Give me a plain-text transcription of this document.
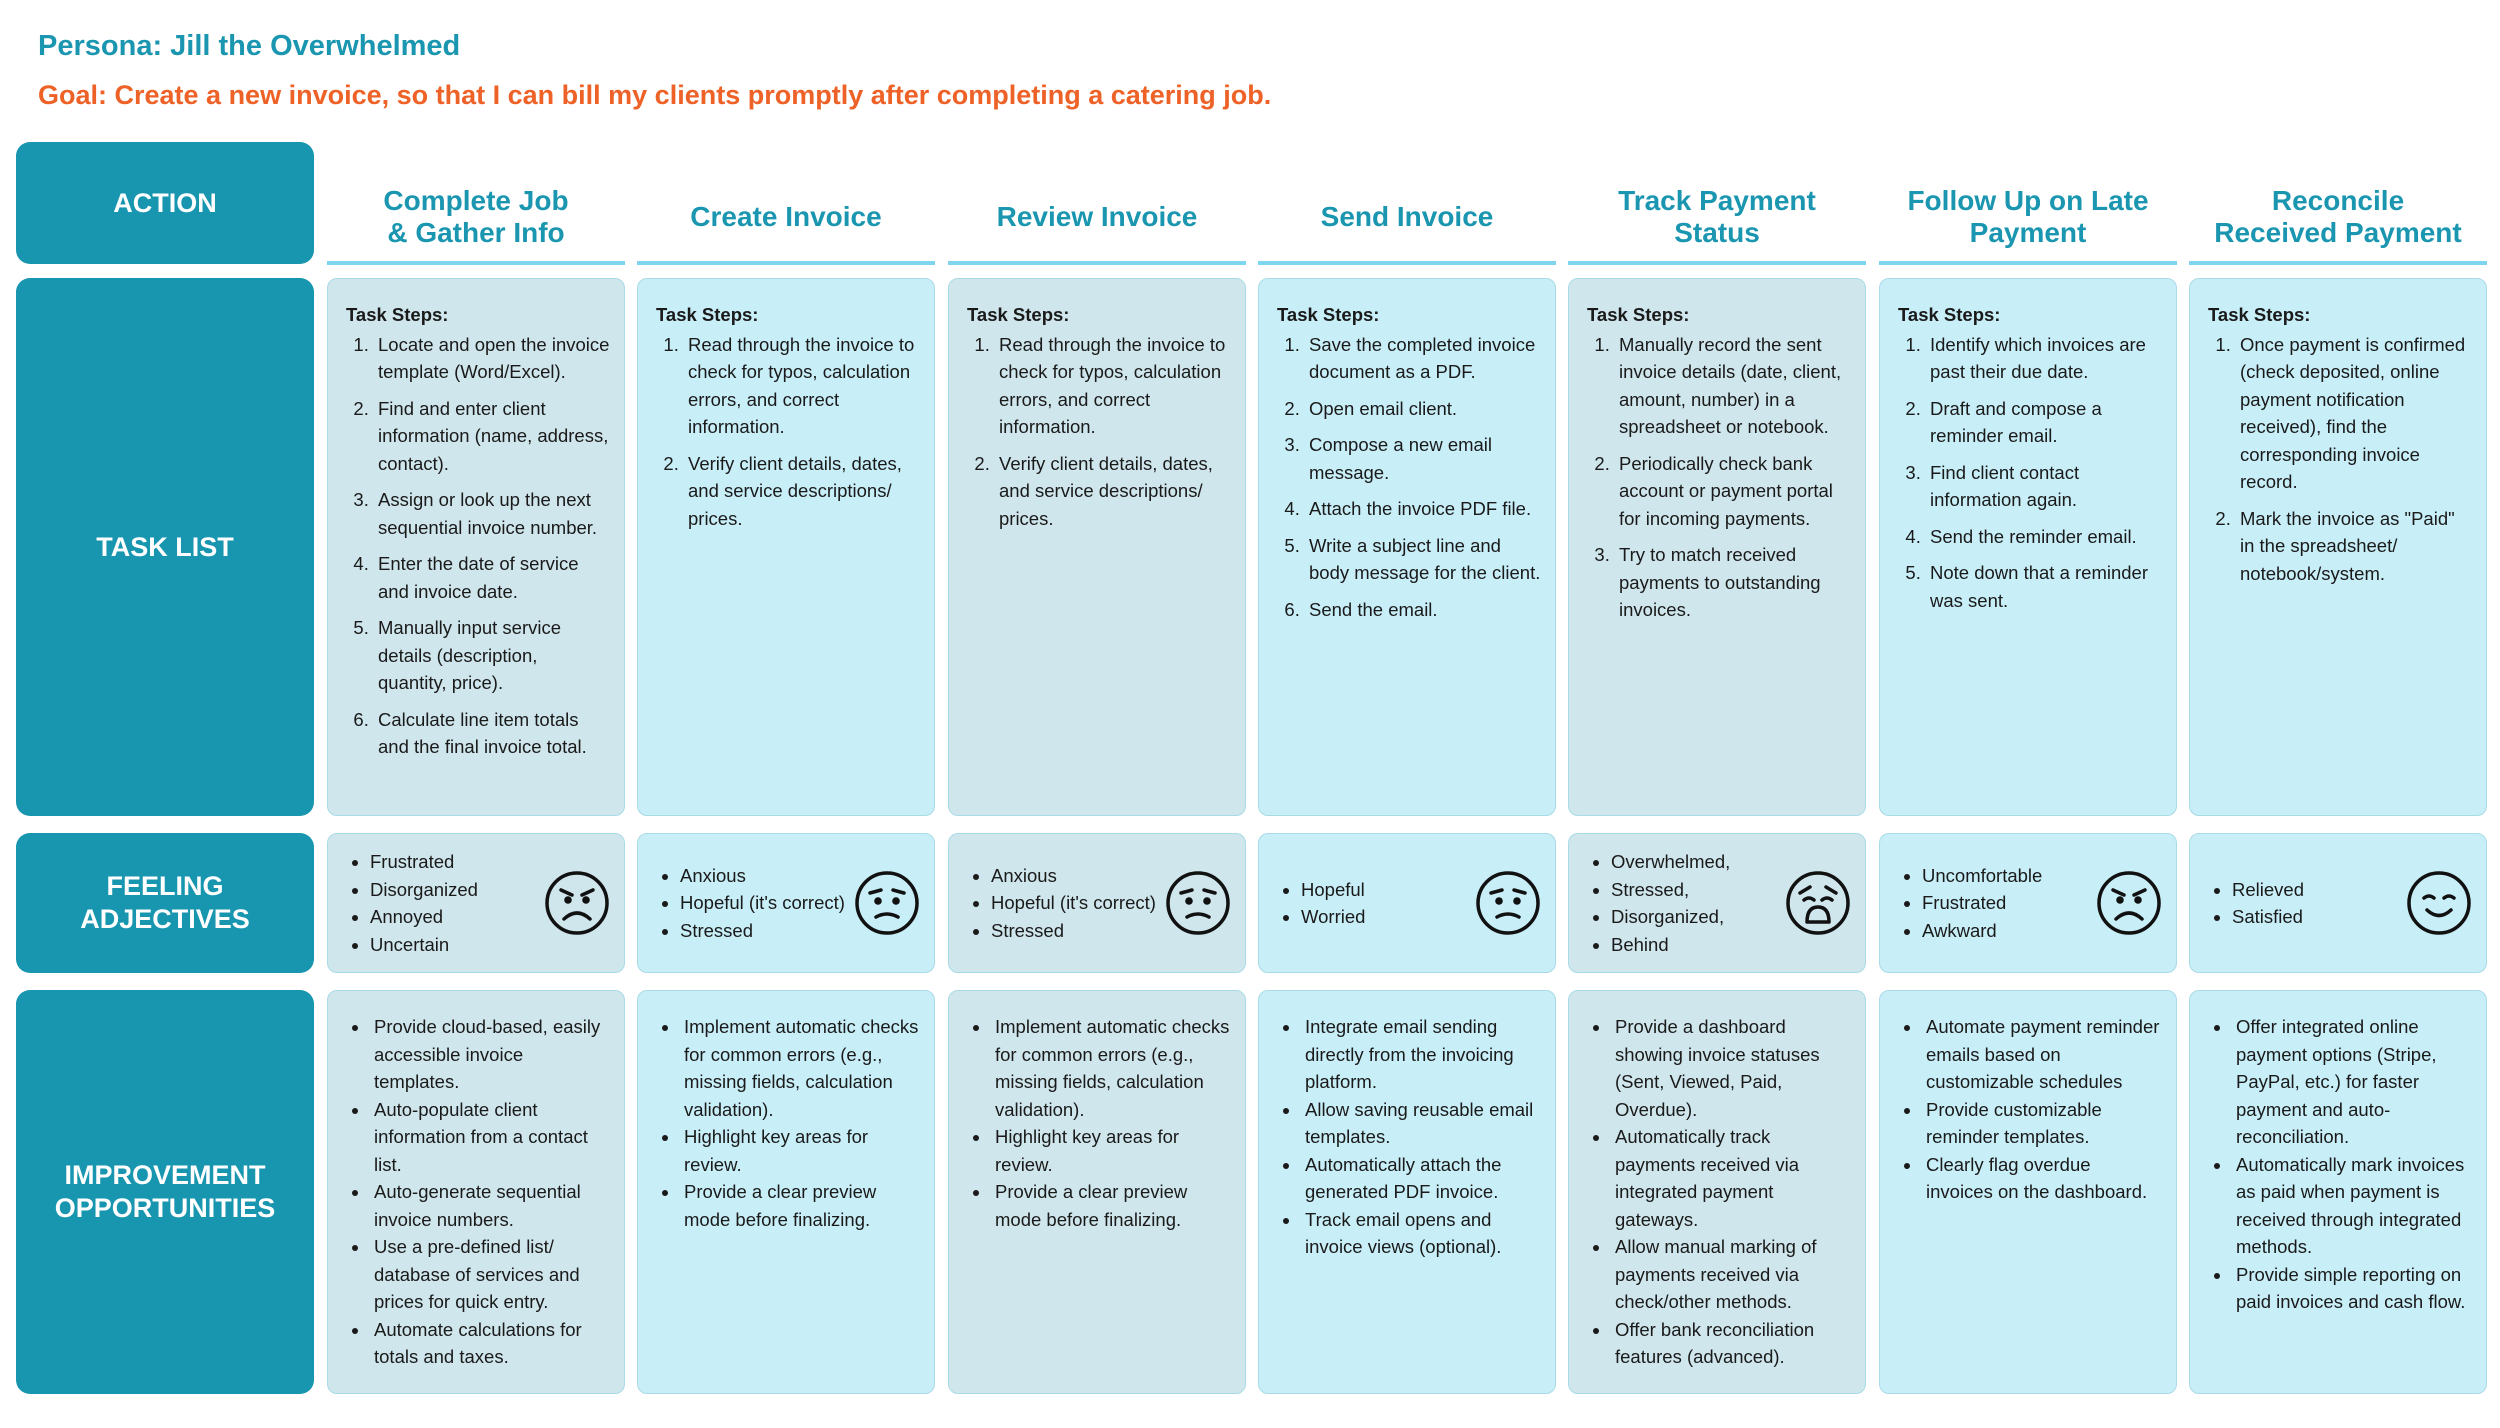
Persona: Jill the Overwhelmed
Goal: Create a new invoice, so that I can bill my clients promptly after completing a catering job.
ACTION
TASK LIST
FEELING
ADJECTIVES
IMPROVEMENT
OPPORTUNITIES
Complete Job
& Gather Info
Task Steps:
1. Locate and open the invoice template (Word/Excel).
2. Find and enter client information (name, address, contact).
3. Assign or look up the next sequential invoice number.
4. Enter the date of service and invoice date.
5. Manually input service details (description, quantity, price).
6. Calculate line item totals and the final invoice total.
• Frustrated
• Disorganized
• Annoyed
• Uncertain
• Provide cloud-based, easily accessible invoice templates.
• Auto-populate client information from a contact list.
• Auto-generate sequential invoice numbers.
• Use a pre-defined list/ database of services and prices for quick entry.
• Automate calculations for totals and taxes.
Create Invoice
Task Steps:
1. Read through the invoice to check for typos, calculation errors, and correct information.
2. Verify client details, dates, and service descriptions/ prices.
• Anxious
• Hopeful (it's correct)
• Stressed
• Implement automatic checks for common errors (e.g., missing fields, calculation validation).
• Highlight key areas for review.
• Provide a clear preview mode before finalizing.
Review Invoice
Task Steps:
1. Read through the invoice to check for typos, calculation errors, and correct information.
2. Verify client details, dates, and service descriptions/ prices.
• Anxious
• Hopeful (it's correct)
• Stressed
• Implement automatic checks for common errors (e.g., missing fields, calculation validation).
• Highlight key areas for review.
• Provide a clear preview mode before finalizing.
Send Invoice
Task Steps:
1. Save the completed invoice document as a PDF.
2. Open email client.
3. Compose a new email message.
4. Attach the invoice PDF file.
5. Write a subject line and body message for the client.
6. Send the email.
• Hopeful
• Worried
• Integrate email sending directly from the invoicing platform.
• Allow saving reusable email templates.
• Automatically attach the generated PDF invoice.
• Track email opens and invoice views (optional).
Track Payment
Status
Task Steps:
1. Manually record the sent invoice details (date, client, amount, number) in a spreadsheet or notebook.
2. Periodically check bank account or payment portal for incoming payments.
3. Try to match received payments to outstanding invoices.
• Overwhelmed,
• Stressed,
• Disorganized,
• Behind
• Provide a dashboard showing invoice statuses (Sent, Viewed, Paid, Overdue).
• Automatically track payments received via integrated payment gateways.
• Allow manual marking of payments received via check/other methods.
• Offer bank reconciliation features (advanced).
Follow Up on Late
Payment
Task Steps:
1. Identify which invoices are past their due date.
2. Draft and compose a reminder email.
3. Find client contact information again.
4. Send the reminder email.
5. Note down that a reminder was sent.
• Uncomfortable
• Frustrated
• Awkward
• Automate payment reminder emails based on customizable schedules
• Provide customizable reminder templates.
• Clearly flag overdue invoices on the dashboard.
Reconcile
Received Payment
Task Steps:
1. Once payment is confirmed (check deposited, online payment notification received), find the corresponding invoice record.
2. Mark the invoice as "Paid" in the spreadsheet/ notebook/system.
• Relieved
• Satisfied
• Offer integrated online payment options (Stripe, PayPal, etc.) for faster payment and auto-reconciliation.
• Automatically mark invoices as paid when payment is received through integrated methods.
• Provide simple reporting on paid invoices and cash flow.
